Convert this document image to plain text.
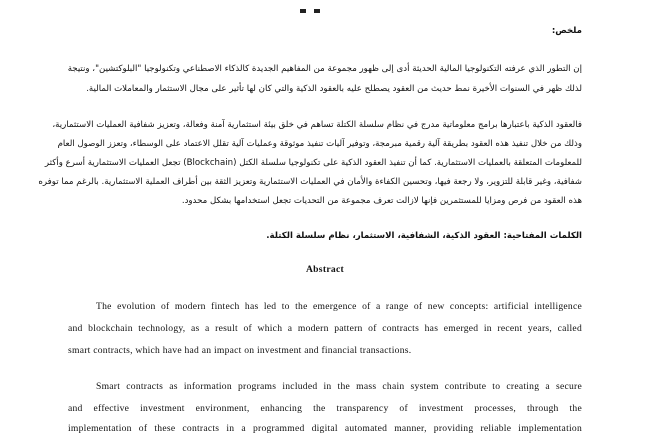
ملخص:
إن التطور الذي عرفته التكنولوجيا المالية الحديثة أدى إلى ظهور مجموعة من المفاهيم الجديدة كالذكاء الاصطناعي وتكنولوجيا "البلوكتشين"، ونتيجة
لذلك ظهر في السنوات الأخيرة نمط حديث من العقود يصطلح عليه بالعقود الذكية والتي كان لها تأثير على مجال الاستثمار والمعاملات المالية.
فالعقود الذكية باعتبارها برامج معلوماتية مدرج في نظام سلسلة الكتلة تساهم في خلق بيئة استثمارية آمنة وفعالة، وتعزيز شفافية العمليات الاستثمارية،
وذلك من خلال تنفيذ هذه العقود بطريقة آلية رقمية مبرمجة، وتوفير آليات تنفيذ موثوقة وعمليات آلية تقلل الاعتماد على الوسطاء، وتعزز الوصول العام
للمعلومات المتعلقة بالعمليات الاستثمارية. كما أن تنفيذ العقود الذكية على تكنولوجيا سلسلة الكتل (Blockchain) تجعل العمليات الاستثمارية أسرع وأكثر
شفافية، وغير قابلة للتزوير، ولا رجعة فيها، وتحسين الكفاءة والأمان في العمليات الاستثمارية وتعزيز الثقة بين أطراف العملية الاستثمارية. بالرغم مما توفره
هذه العقود من فرص ومزايا للمستثمرين فإنها لازالت تعرف مجموعة من التحديات تجعل استخدامها بشكل محدود.
الكلمات المفتاحية: العقود الذكية، الشفافية، الاستثمار، نظام سلسلة الكتلة.
Abstract
The evolution of modern fintech has led to the emergence of a range of new concepts: artificial intelligence
and blockchain technology, as a result of which a modern pattern of contracts has emerged in recent years, called
smart contracts, which have had an impact on investment and financial transactions.
Smart contracts as information programs included in the mass chain system contribute to creating a secure
and effective investment environment, enhancing the transparency of investment processes, through the
implementation of these contracts in a programmed digital automated manner, providing reliable implementation
